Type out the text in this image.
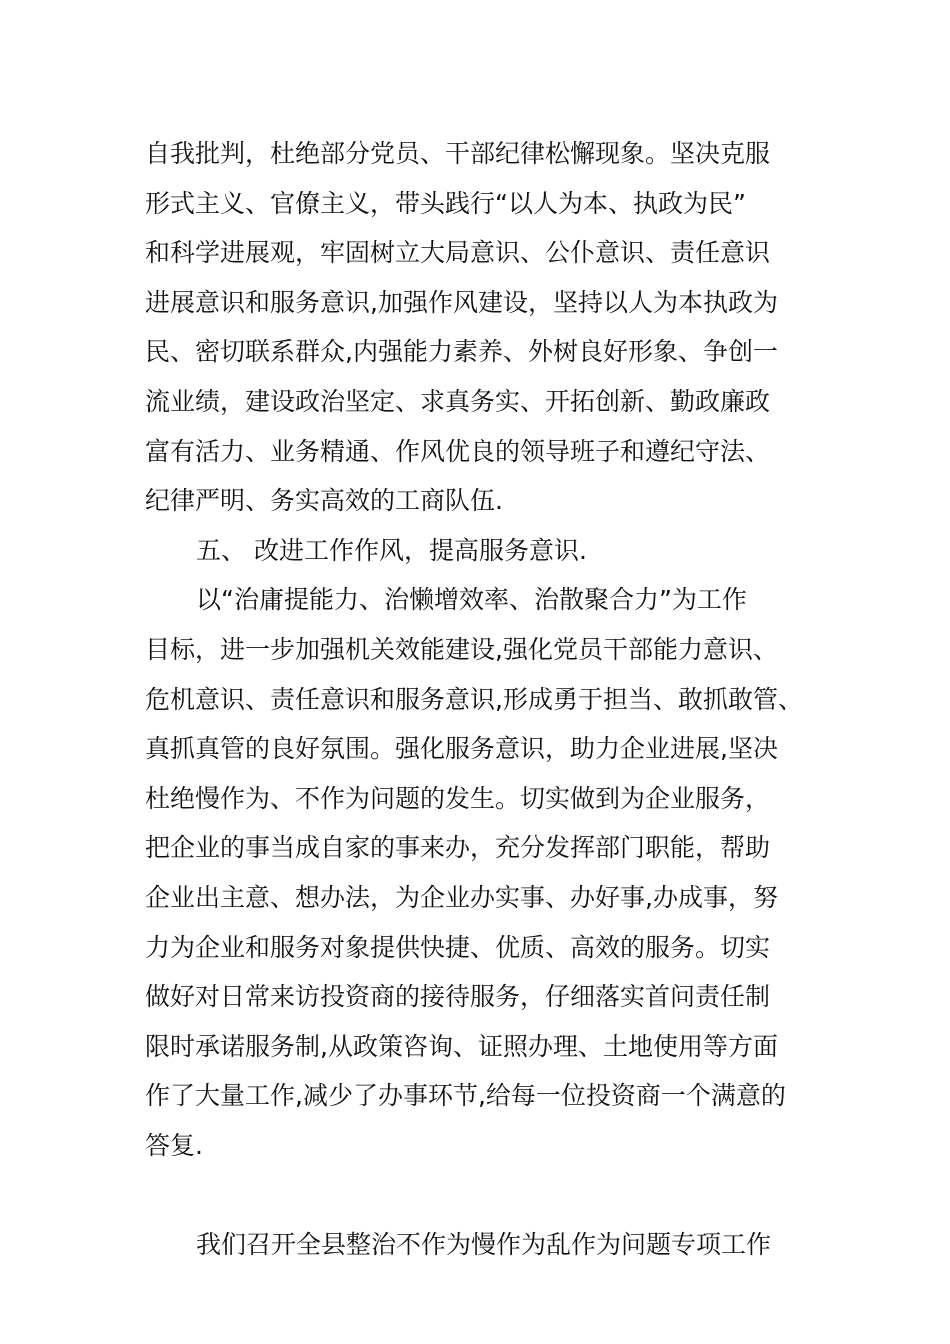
自我批判，杜绝部分党员、干部纪律松懈现象。坚决克服
形式主义、官僚主义，带头践行“以人为本、执政为民”
和科学进展观，牢固树立大局意识、公仆意识、责任意识
进展意识和服务意识,加强作风建设，坚持以人为本执政为
民、密切联系群众,内强能力素养、外树良好形象、争创一
流业绩，建设政治坚定、求真务实、开拓创新、勤政廉政
富有活力、业务精通、作风优良的领导班子和遵纪守法、
纪律严明、务实高效的工商队伍.
五、 改进工作作风，提高服务意识.
以“治庸提能力、治懒增效率、治散聚合力”为工作
目标，进一步加强机关效能建设,强化党员干部能力意识、
危机意识、责任意识和服务意识,形成勇于担当、敢抓敢管、
真抓真管的良好氛围。强化服务意识，助力企业进展,坚决
杜绝慢作为、不作为问题的发生。切实做到为企业服务，
把企业的事当成自家的事来办，充分发挥部门职能，帮助
企业出主意、想办法，为企业办实事、办好事,办成事，努
力为企业和服务对象提供快捷、优质、高效的服务。切实
做好对日常来访投资商的接待服务，仔细落实首问责任制
限时承诺服务制,从政策咨询、证照办理、土地使用等方面
作了大量工作,减少了办事环节,给每一位投资商一个满意的
答复.
我们召开全县整治不作为慢作为乱作为问题专项工作
